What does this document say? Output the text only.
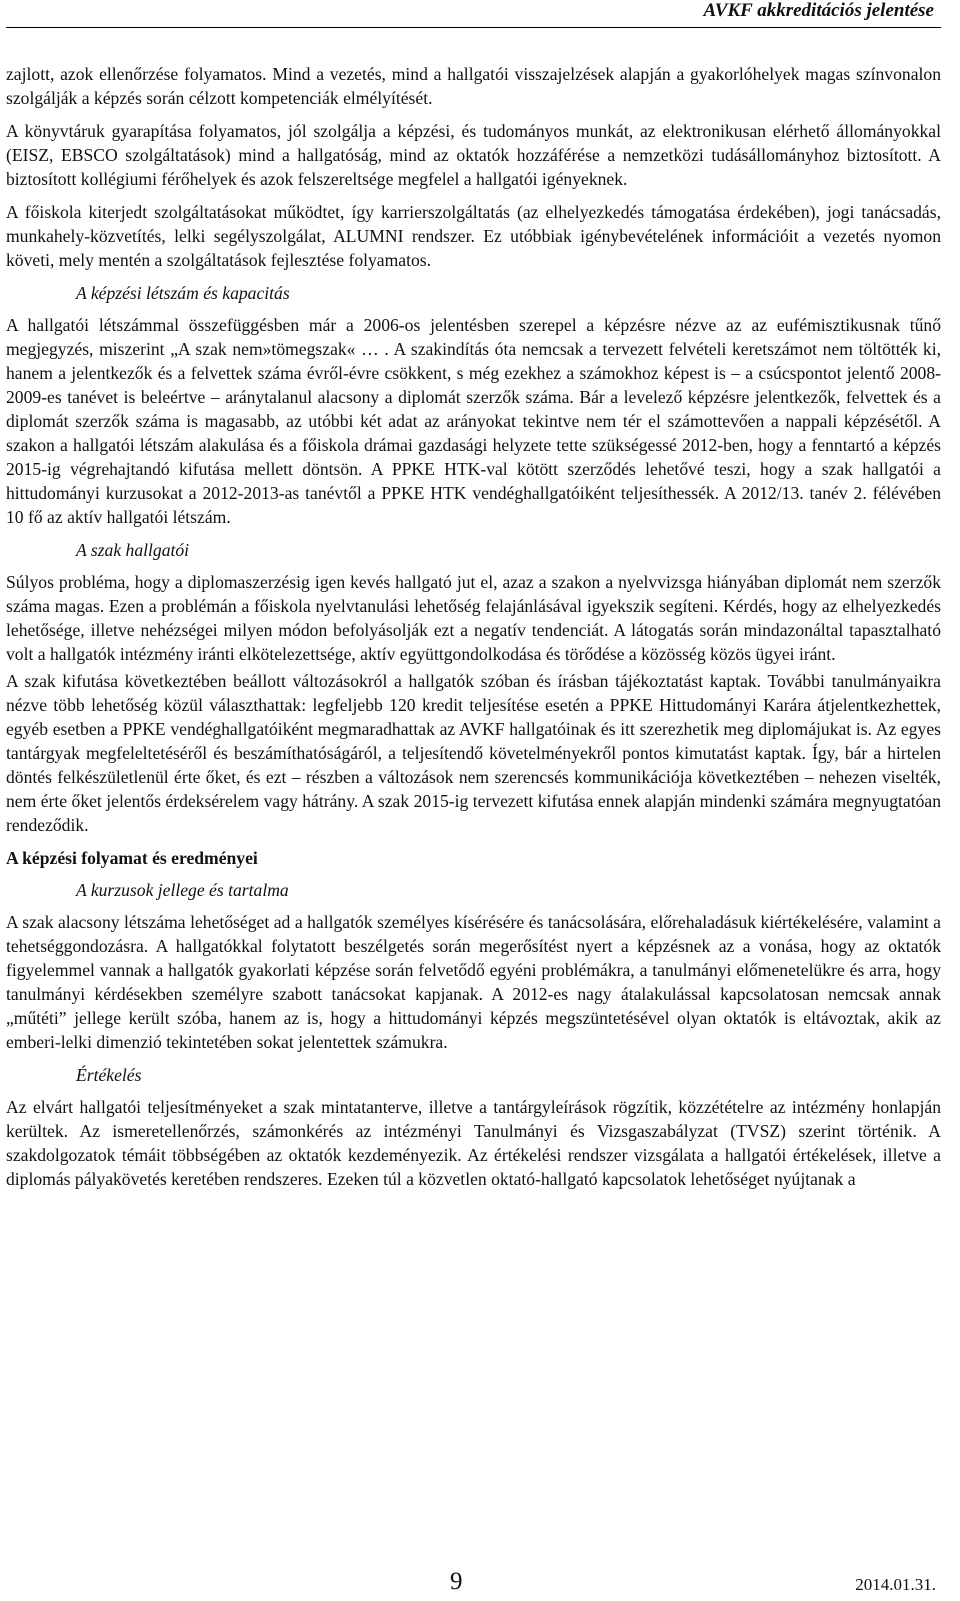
AVKF akkreditációs jelentése

zajlott, azok ellenőrzése folyamatos. Mind a vezetés, mind a hallgatói visszajelzések alapján a gyakorlóhelyek magas színvonalon szolgálják a képzés során célzott kompetenciák elmélyítését.

A könyvtáruk gyarapítása folyamatos, jól szolgálja a képzési, és tudományos munkát, az elektronikusan elérhető állományokkal (EISZ, EBSCO szolgáltatások) mind a hallgatóság, mind az oktatók hozzáférése a nemzetközi tudásállományhoz biztosított. A biztosított kollégiumi férőhelyek és azok felszereltsége megfelel a hallgatói igényeknek.

A főiskola kiterjedt szolgáltatásokat működtet, így karrierszolgáltatás (az elhelyezkedés támogatása érdekében), jogi tanácsadás, munkahely-közvetítés, lelki segélyszolgálat, ALUMNI rendszer. Ez utóbbiak igénybevételének információit a vezetés nyomon követi, mely mentén a szolgáltatások fejlesztése folyamatos.

A képzési létszám és kapacitás

A hallgatói létszámmal összefüggésben már a 2006-os jelentésben szerepel a képzésre nézve az az eufémisztikusnak tűnő megjegyzés, miszerint „A szak nem»tömegszak« … . A szakindítás óta nemcsak a tervezett felvételi keretszámot nem töltötték ki, hanem a jelentkezők és a felvettek száma évről-évre csökkent, s még ezekhez a számokhoz képest is – a csúcspontot jelentő 2008-2009-es tanévet is beleértve – aránytalanul alacsony a diplomát szerzők száma. Bár a levelező képzésre jelentkezők, felvettek és a diplomát szerzők száma is magasabb, az utóbbi két adat az arányokat tekintve nem tér el számottevően a nappali képzésétől. A szakon a hallgatói létszám alakulása és a főiskola drámai gazdasági helyzete tette szükségessé 2012-ben, hogy a fenntartó a képzés 2015-ig végrehajtandó kifutása mellett döntsön. A PPKE HTK-val kötött szerződés lehetővé teszi, hogy a szak hallgatói a hittudományi kurzusokat a 2012-2013-as tanévtől a PPKE HTK vendéghallgatóiként teljesíthessék. A 2012/13. tanév 2. félévében 10 fő az aktív hallgatói létszám.

A szak hallgatói

Súlyos probléma, hogy a diplomaszerzésig igen kevés hallgató jut el, azaz a szakon a nyelvvizsga hiányában diplomát nem szerzők száma magas. Ezen a problémán a főiskola nyelvtanulási lehetőség felajánlásával igyekszik segíteni. Kérdés, hogy az elhelyezkedés lehetősége, illetve nehézségei milyen módon befolyásolják ezt a negatív tendenciát. A látogatás során mindazonáltal tapasztalható volt a hallgatók intézmény iránti elkötelezettsége, aktív együttgondolkodása és törődése a közösség közös ügyei iránt.

A szak kifutása következtében beállott változásokról a hallgatók szóban és írásban tájékoztatást kaptak. További tanulmányaikra nézve több lehetőség közül választhattak: legfeljebb 120 kredit teljesítése esetén a PPKE Hittudományi Karára átjelentkezhettek, egyéb esetben a PPKE vendéghallgatóiként megmaradhattak az AVKF hallgatóinak és itt szerezhetik meg diplomájukat is. Az egyes tantárgyak megfeleltetéséről és beszámíthatóságáról, a teljesítendő követelményekről pontos kimutatást kaptak. Így, bár a hirtelen döntés felkészületlenül érte őket, és ezt – részben a változások nem szerencsés kommunikációja következtében – nehezen viselték, nem érte őket jelentős érdeksérelem vagy hátrány. A szak 2015-ig tervezett kifutása ennek alapján mindenki számára megnyugtatóan rendeződik.

A képzési folyamat és eredményei
A kurzusok jellege és tartalma

A szak alacsony létszáma lehetőséget ad a hallgatók személyes kísérésére és tanácsolására, előrehaladásuk kiértékelésére, valamint a tehetséggondozásra. A hallgatókkal folytatott beszélgetés során megerősítést nyert a képzésnek az a vonása, hogy az oktatók figyelemmel vannak a hallgatók gyakorlati képzése során felvetődő egyéni problémákra, a tanulmányi előmenetelükre és arra, hogy tanulmányi kérdésekben személyre szabott tanácsokat kapjanak. A 2012-es nagy átalakulással kapcsolatosan nemcsak annak „műtéti” jellege került szóba, hanem az is, hogy a hittudományi képzés megszüntetésével olyan oktatók is eltávoztak, akik az emberi-lelki dimenzió tekintetében sokat jelentettek számukra.

Értékelés

Az elvárt hallgatói teljesítményeket a szak mintatanterve, illetve a tantárgyleírások rögzítik, közzétételre az intézmény honlapján kerültek. Az ismeretellenőrzés, számonkérés az intézményi Tanulmányi és Vizsgaszabályzat (TVSZ) szerint történik. A szakdolgozatok témáit többségében az oktatók kezdeményezik. Az értékelési rendszer vizsgálata a hallgatói értékelések, illetve a diplomás pályakövetés keretében rendszeres. Ezeken túl a közvetlen oktató-hallgató kapcsolatok lehetőséget nyújtanak a

9	2014.01.31.
